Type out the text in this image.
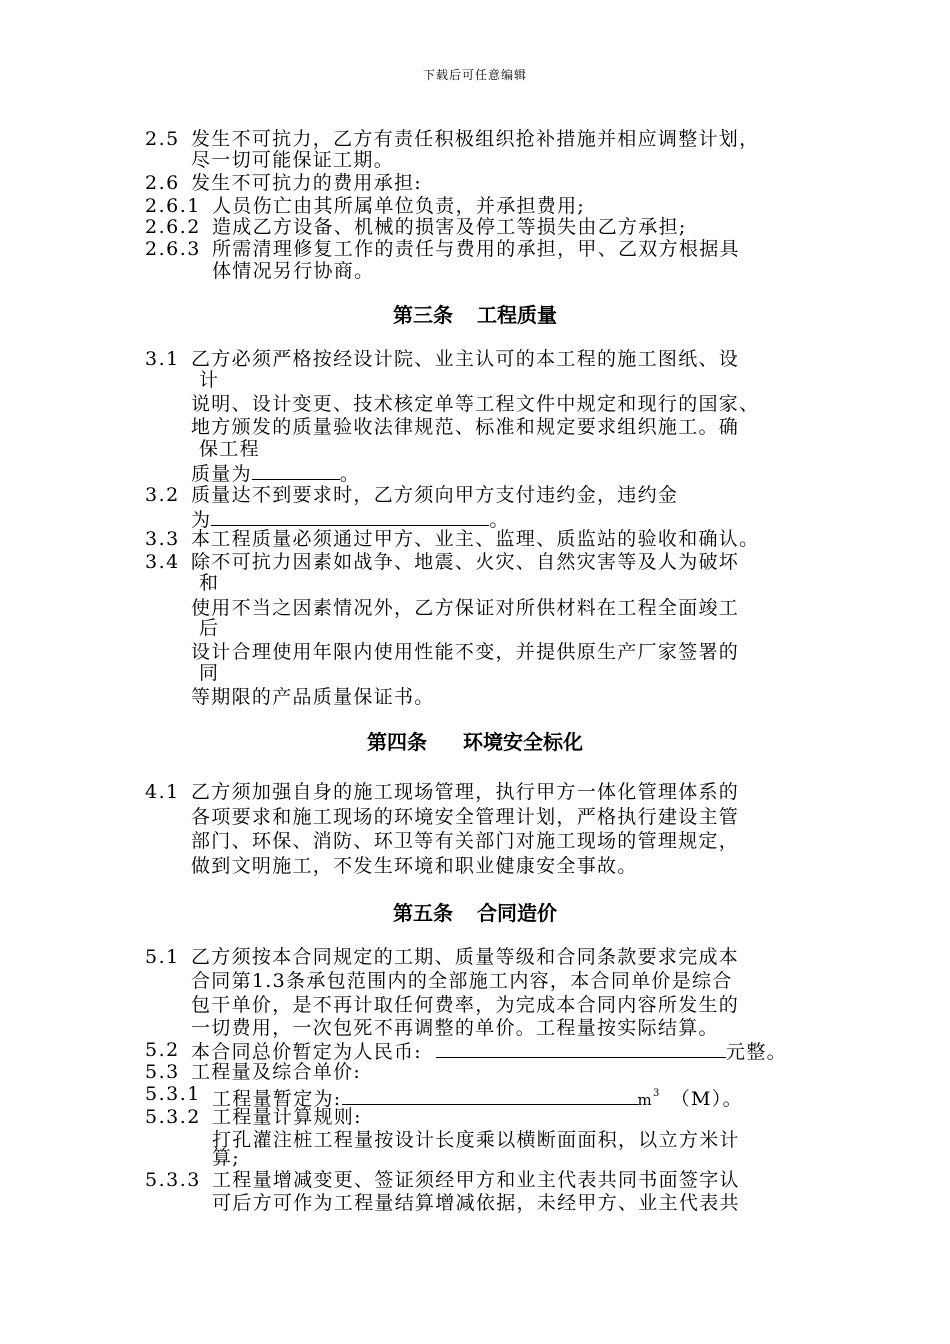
下载后可任意编辑
2.5 发生不可抗力，乙方有责任积极组织抢补措施并相应调整计划，
尽一切可能保证工期。
2.6 发生不可抗力的费用承担:
2.6.1 人员伤亡由其所属单位负责，并承担费用;
2.6.2 造成乙方设备、机械的损害及停工等损失由乙方承担;
2.6.3 所需清理修复工作的责任与费用的承担，甲、乙双方根据具
体情况另行协商。
第三条 工程质量
3.1 乙方必须严格按经设计院、业主认可的本工程的施工图纸、设
计
说明、设计变更、技术核定单等工程文件中规定和现行的国家、
地方颁发的质量验收法律规范、标准和规定要求组织施工。确
保工程
质量为	。
3.2 质量达不到要求时，乙方须向甲方支付违约金，违约金
为	。
3.3 本工程质量必须通过甲方、业主、监理、质监站的验收和确认。
3.4 除不可抗力因素如战争、地震、火灾、自然灾害等及人为破坏
和
使用不当之因素情况外，乙方保证对所供材料在工程全面竣工
后
设计合理使用年限内使用性能不变，并提供原生产厂家签署的
同
等期限的产品质量保证书。
第四条 环境安全标化
4.1 乙方须加强自身的施工现场管理，执行甲方一体化管理体系的
各项要求和施工现场的环境安全管理计划，严格执行建设主管
部门、环保、消防、环卫等有关部门对施工现场的管理规定，
做到文明施工，不发生环境和职业健康安全事故。
第五条 合同造价
5.1 乙方须按本合同规定的工期、质量等级和合同条款要求完成本
合同第1.3条承包范围内的全部施工内容，本合同单价是综合
包干单价，是不再计取任何费率，为完成本合同内容所发生的
一切费用，一次包死不再调整的单价。工程量按实际结算。
5.2 本合同总价暂定为人民币:	元整。
5.3 工程量及综合单价:
5.3.1 工程量暂定为:	$m^3$ （M）。
5.3.2 工程量计算规则:
打孔灌注桩工程量按设计长度乘以横断面面积，以立方米计
算;
5.3.3 工程量增减变更、签证须经甲方和业主代表共同书面签字认
可后方可作为工程量结算增减依据，未经甲方、业主代表共
